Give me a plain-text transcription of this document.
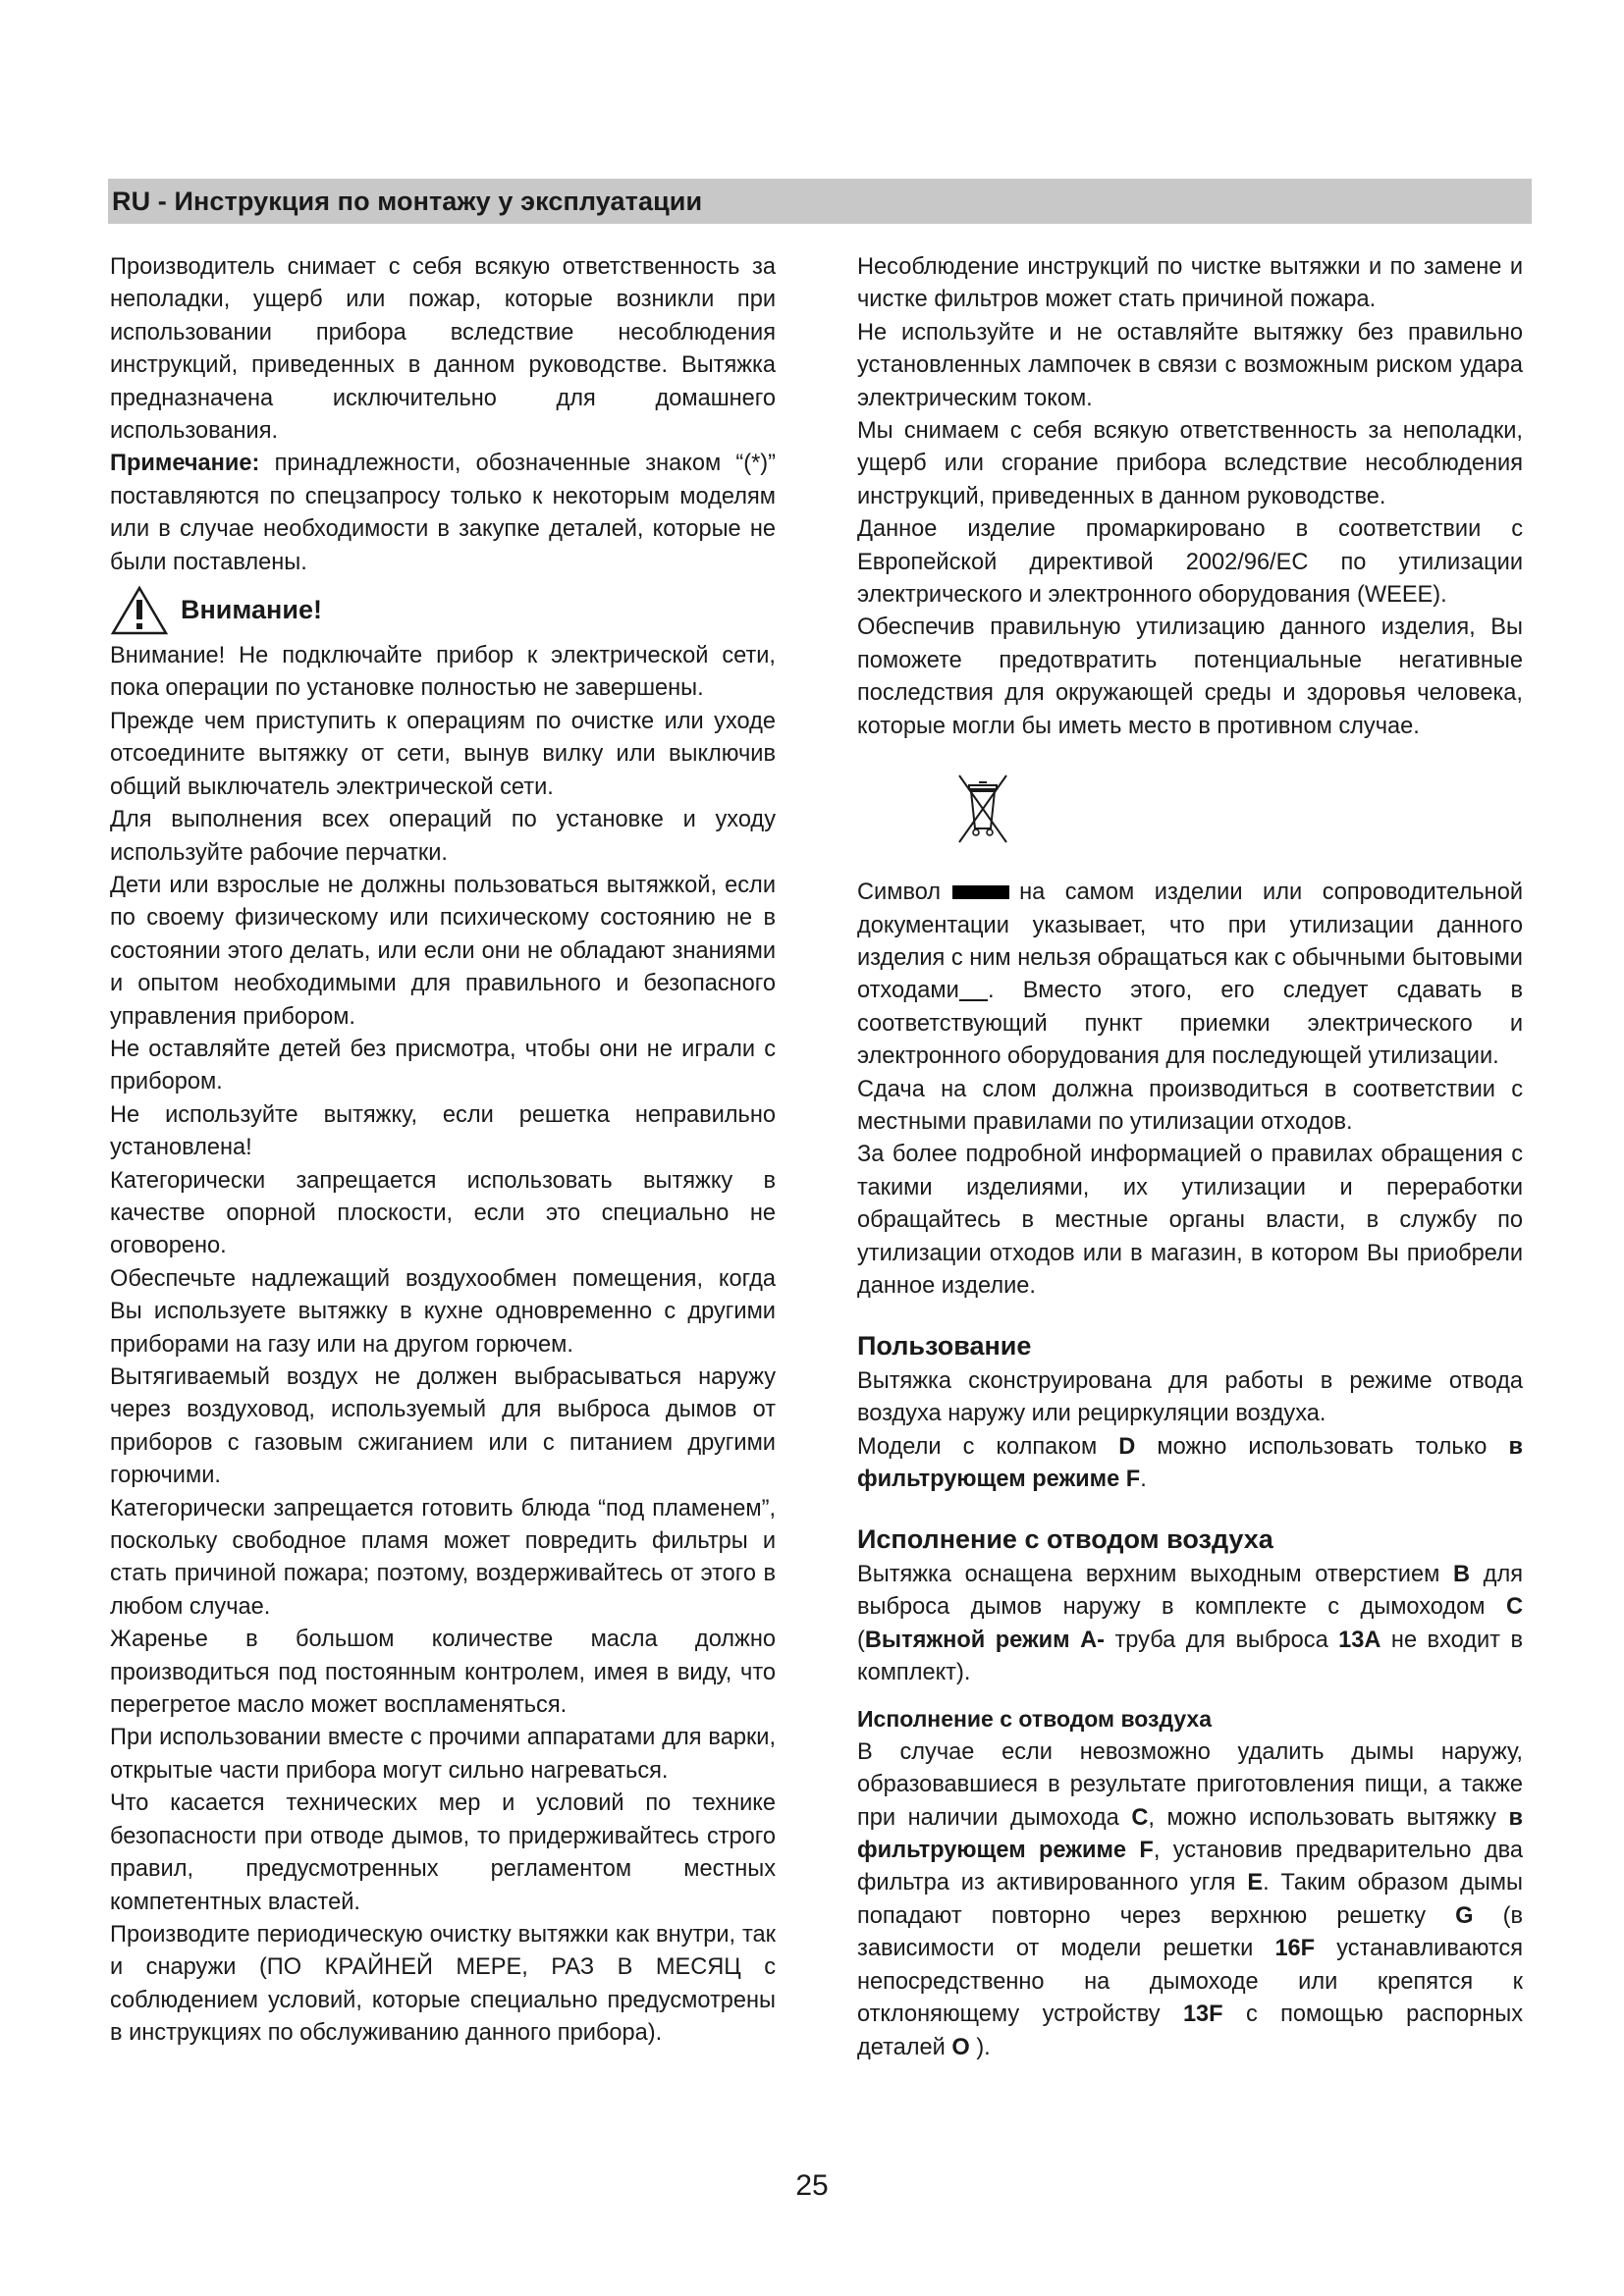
RU - Инструкция по монтажу у эксплуатации

Производитель снимает с себя всякую ответственность за неполадки, ущерб или пожар, которые возникли при использовании прибора вследствие несоблюдения инструкций, приведенных в данном руководстве. Вытяжка предназначена исключительно для домашнего использования.

Примечание: принадлежности, обозначенные знаком “(*)” поставляются по спецзапросу только к некоторым моделям или в случае необходимости в закупке деталей, которые не были поставлены.

Внимание!

Внимание! Не подключайте прибор к электрической сети, пока операции по установке полностью не завершены.

Прежде чем приступить к операциям по очистке или уходе отсоедините вытяжку от сети, вынув вилку или выключив общий выключатель электрической сети.

Для выполнения всех операций по установке и уходу используйте рабочие перчатки.

Дети или взрослые не должны пользоваться вытяжкой, если по своему физическому или психическому состоянию не в состоянии этого делать, или если они не обладают знаниями и опытом необходимыми для правильного и безопасного управления прибором.

Не оставляйте детей без присмотра, чтобы они не играли с прибором.

Не используйте вытяжку, если решетка неправильно установлена!

Категорически запрещается использовать вытяжку в качестве опорной плоскости, если это специально не оговорено.

Обеспечьте надлежащий воздухообмен помещения, когда Вы используете вытяжку в кухне одновременно с другими приборами на газу или на другом горючем.

Вытягиваемый воздух не должен выбрасываться наружу через воздуховод, используемый для выброса дымов от приборов с газовым сжиганием или с питанием другими горючими.

Категорически запрещается готовить блюда “под пламенем”, поскольку свободное пламя может повредить фильтры и стать причиной пожара; поэтому, воздерживайтесь от этого в любом случае.

Жаренье в большом количестве масла должно производиться под постоянным контролем, имея в виду, что перегретое масло может воспламеняться.

При использовании вместе с прочими аппаратами для варки, открытые части прибора могут сильно нагреваться.

Что касается технических мер и условий по технике безопасности при отводе дымов, то придерживайтесь строго правил, предусмотренных регламентом местных компетентных властей.

Производите периодическую очистку вытяжки как внутри, так и снаружи (ПО КРАЙНЕЙ МЕРЕ, РАЗ В МЕСЯЦ с соблюдением условий, которые специально предусмотрены в инструкциях по обслуживанию данного прибора).

Несоблюдение инструкций по чистке вытяжки и по замене и чистке фильтров может стать причиной пожара.

Не используйте и не оставляйте вытяжку без правильно установленных лампочек в связи с возможным риском удара электрическим током.

Мы снимаем с себя всякую ответственность за неполадки, ущерб или сгорание прибора вследствие несоблюдения инструкций, приведенных в данном руководстве.

Данное изделие промаркировано в соответствии с Европейской директивой 2002/96/EC по утилизации электрического и электронного оборудования (WEEE).

Обеспечив правильную утилизацию данного изделия, Вы поможете предотвратить потенциальные негативные последствия для окружающей среды и здоровья человека, которые могли бы иметь место в противном случае.

Символ	на самом изделии или сопроводительной документации указывает, что при утилизации данного изделия с ним нельзя обращаться как с обычными бытовыми отходами . Вместо этого, его следует сдавать в соответствующий пункт приемки электрического и электронного оборудования для последующей утилизации.

Сдача на слом должна производиться в соответствии с местными правилами по утилизации отходов.

За более подробной информацией о правилах обращения с такими изделиями, их утилизации и переработки обращайтесь в местные органы власти, в службу по утилизации отходов или в магазин, в котором Вы приобрели данное изделие.

Пользование

Вытяжка сконструирована для работы в режиме отвода воздуха наружу или рециркуляции воздуха.

Модели с колпаком D можно использовать только в фильтрующем режиме F.

Исполнение с отводом воздуха

Вытяжка оснащена верхним выходным отверстием B для выброса дымов наружу в комплекте с дымоходом C (Вытяжной режим A- труба для выброса 13A не входит в комплект).

Исполнение с отводом воздуха

В случае если невозможно удалить дымы наружу, образовавшиеся в результате приготовления пищи, а также при наличии дымохода C, можно использовать вытяжку в фильтрующем режиме F, установив предварительно два фильтра из активированного угля E. Таким образом дымы попадают повторно через верхнюю решетку G (в зависимости от модели решетки 16F устанавливаются непосредственно на дымоходе или крепятся к отклоняющему устройству 13F с помощью распорных деталей O ).

25
